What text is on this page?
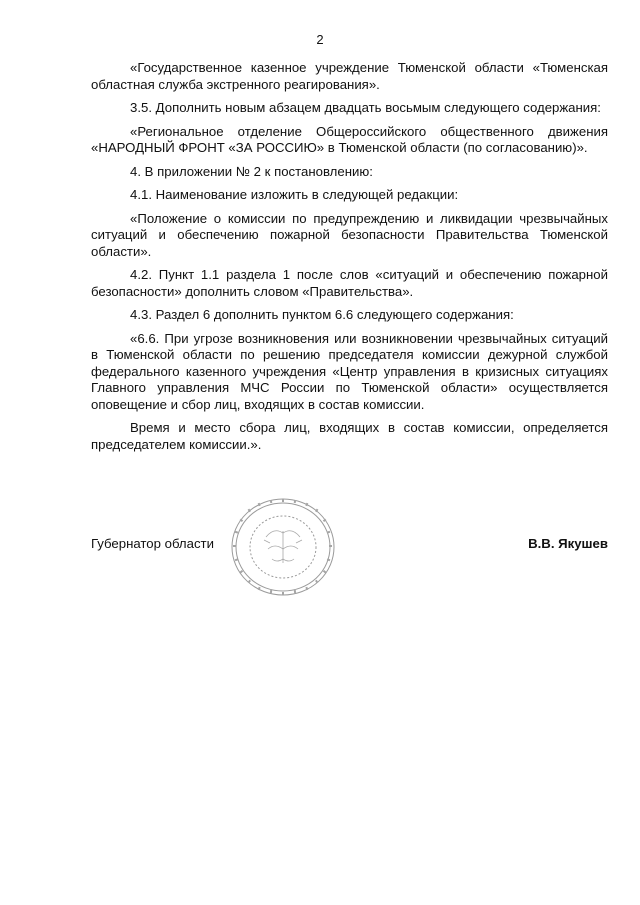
2

«Государственное казенное учреждение Тюменской области «Тюменская областная служба экстренного реагирования».

3.5. Дополнить новым абзацем двадцать восьмым следующего содержания:

«Региональное отделение Общероссийского общественного движения «НАРОДНЫЙ ФРОНТ «ЗА РОССИЮ» в Тюменской области (по согласованию)».

4. В приложении № 2 к постановлению:

4.1. Наименование изложить в следующей редакции:

«Положение о комиссии по предупреждению и ликвидации чрезвычайных ситуаций и обеспечению пожарной безопасности Правительства Тюменской области».

4.2. Пункт 1.1 раздела 1 после слов «ситуаций и обеспечению пожарной безопасности» дополнить словом «Правительства».

4.3. Раздел 6 дополнить пунктом 6.6 следующего содержания:

«6.6. При угрозе возникновения или возникновении чрезвычайных ситуаций в Тюменской области по решению председателя комиссии дежурной службой федерального казенного учреждения «Центр управления в кризисных ситуациях Главного управления МЧС России по Тюменской области» осуществляется оповещение и сбор лиц, входящих в состав комиссии.

Время и место сбора лиц, входящих в состав комиссии, определяется председателем комиссии.».

Губернатор области	В.В. Якушев
